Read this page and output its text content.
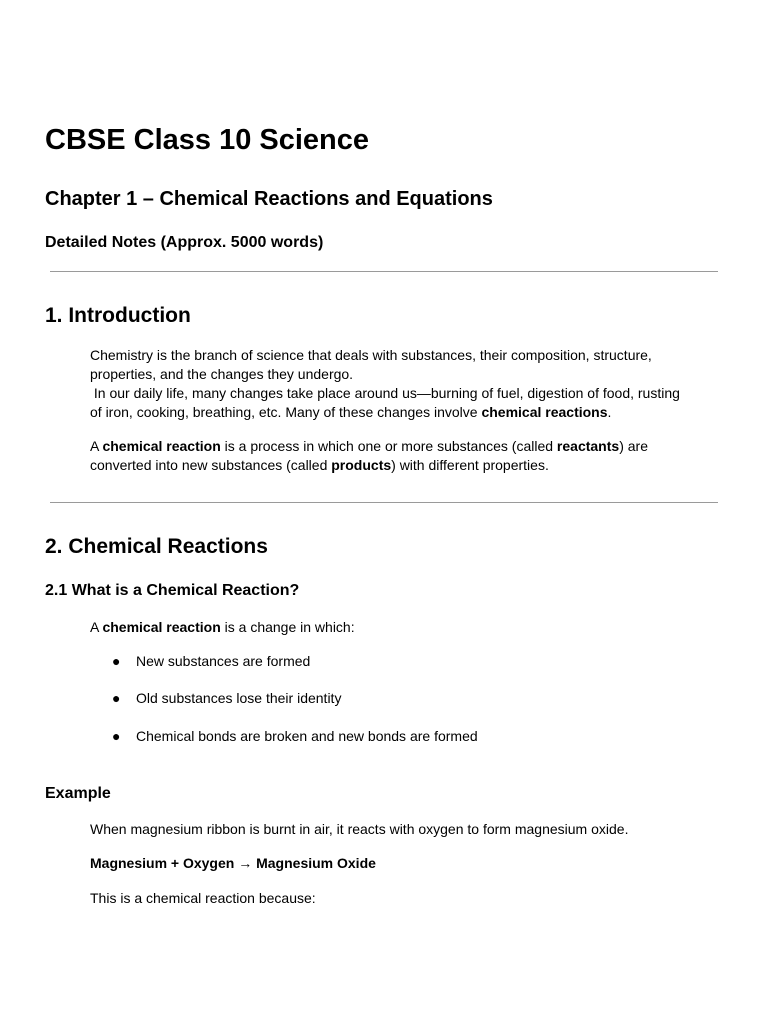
CBSE Class 10 Science
Chapter 1 – Chemical Reactions and Equations
Detailed Notes (Approx. 5000 words)
1. Introduction
Chemistry is the branch of science that deals with substances, their composition, structure,
properties, and the changes they undergo.
In our daily life, many changes take place around us—burning of fuel, digestion of food, rusting
of iron, cooking, breathing, etc. Many of these changes involve chemical reactions.
A chemical reaction is a process in which one or more substances (called reactants) are
converted into new substances (called products) with different properties.
2. Chemical Reactions
2.1 What is a Chemical Reaction?
A chemical reaction is a change in which:
● New substances are formed
● Old substances lose their identity
● Chemical bonds are broken and new bonds are formed
Example
When magnesium ribbon is burnt in air, it reacts with oxygen to form magnesium oxide.
Magnesium + Oxygen → Magnesium Oxide
This is a chemical reaction because:
